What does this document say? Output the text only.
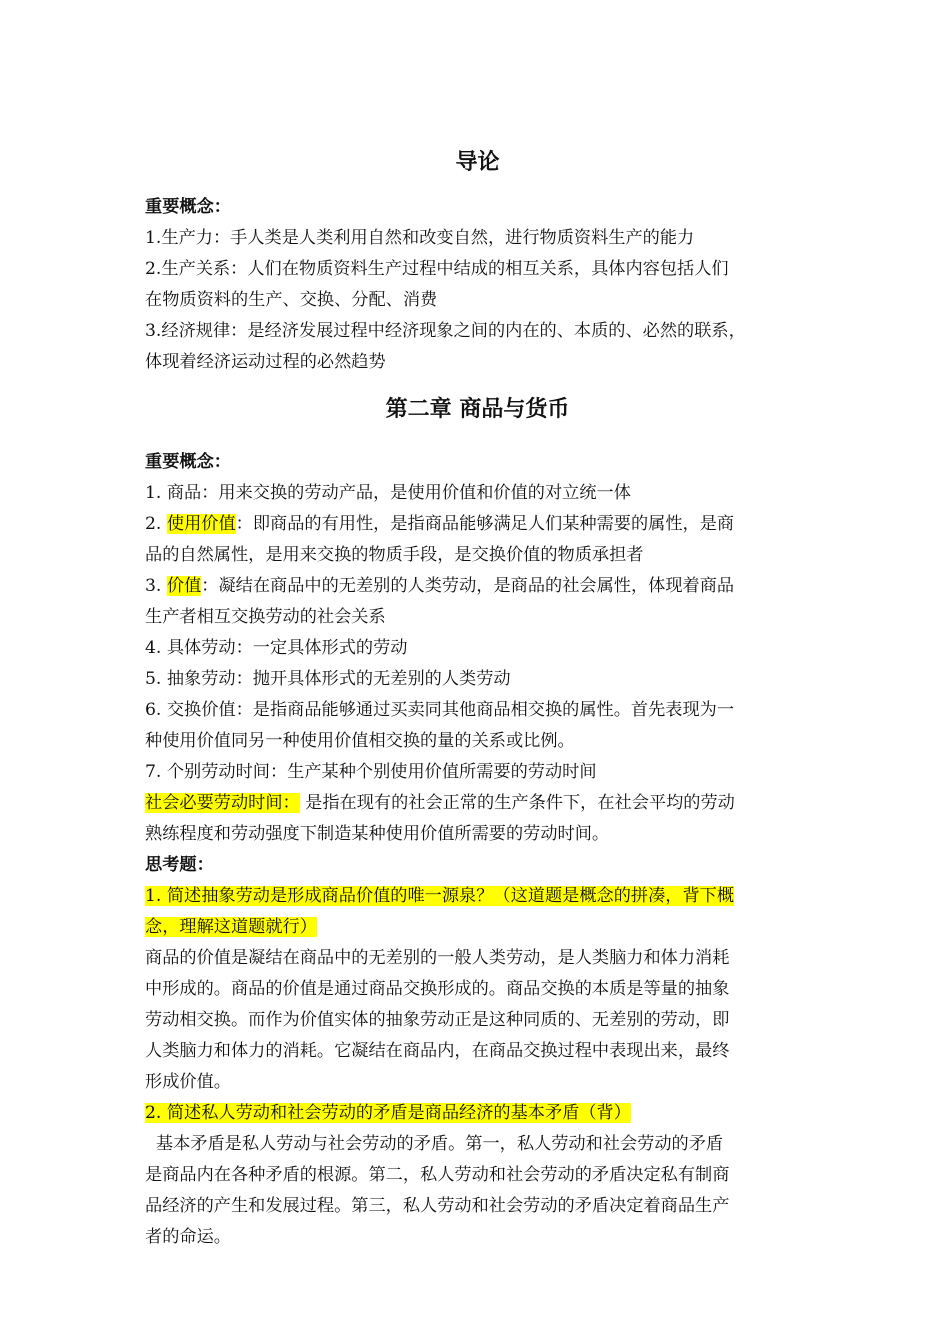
导论
重要概念：
1.生产力：手人类是人类利用自然和改变自然，进行物质资料生产的能力
2.生产关系：人们在物质资料生产过程中结成的相互关系，具体内容包括人们
在物质资料的生产、交换、分配、消费
3.经济规律：是经济发展过程中经济现象之间的内在的、本质的、必然的联系，
体现着经济运动过程的必然趋势
第二章 商品与货币
重要概念：
1. 商品：用来交换的劳动产品，是使用价值和价值的对立统一体
2. 使用价值：即商品的有用性，是指商品能够满足人们某种需要的属性，是商
品的自然属性，是用来交换的物质手段，是交换价值的物质承担者
3. 价值：凝结在商品中的无差别的人类劳动，是商品的社会属性，体现着商品
生产者相互交换劳动的社会关系
4. 具体劳动：一定具体形式的劳动
5. 抽象劳动：抛开具体形式的无差别的人类劳动
6. 交换价值：是指商品能够通过买卖同其他商品相交换的属性。首先表现为一
种使用价值同另一种使用价值相交换的量的关系或比例。
7. 个别劳动时间：生产某种个别使用价值所需要的劳动时间
社会必要劳动时间： 是指在现有的社会正常的生产条件下，在社会平均的劳动
熟练程度和劳动强度下制造某种使用价值所需要的劳动时间。
思考题：
1. 简述抽象劳动是形成商品价值的唯一源泉？（这道题是概念的拼凑，背下概
念，理解这道题就行）
商品的价值是凝结在商品中的无差别的一般人类劳动，是人类脑力和体力消耗
中形成的。商品的价值是通过商品交换形成的。商品交换的本质是等量的抽象
劳动相交换。而作为价值实体的抽象劳动正是这种同质的、无差别的劳动，即
人类脑力和体力的消耗。它凝结在商品内，在商品交换过程中表现出来，最终
形成价值。
2. 简述私人劳动和社会劳动的矛盾是商品经济的基本矛盾（背）
基本矛盾是私人劳动与社会劳动的矛盾。第一，私人劳动和社会劳动的矛盾
是商品内在各种矛盾的根源。第二，私人劳动和社会劳动的矛盾决定私有制商
品经济的产生和发展过程。第三，私人劳动和社会劳动的矛盾决定着商品生产
者的命运。
